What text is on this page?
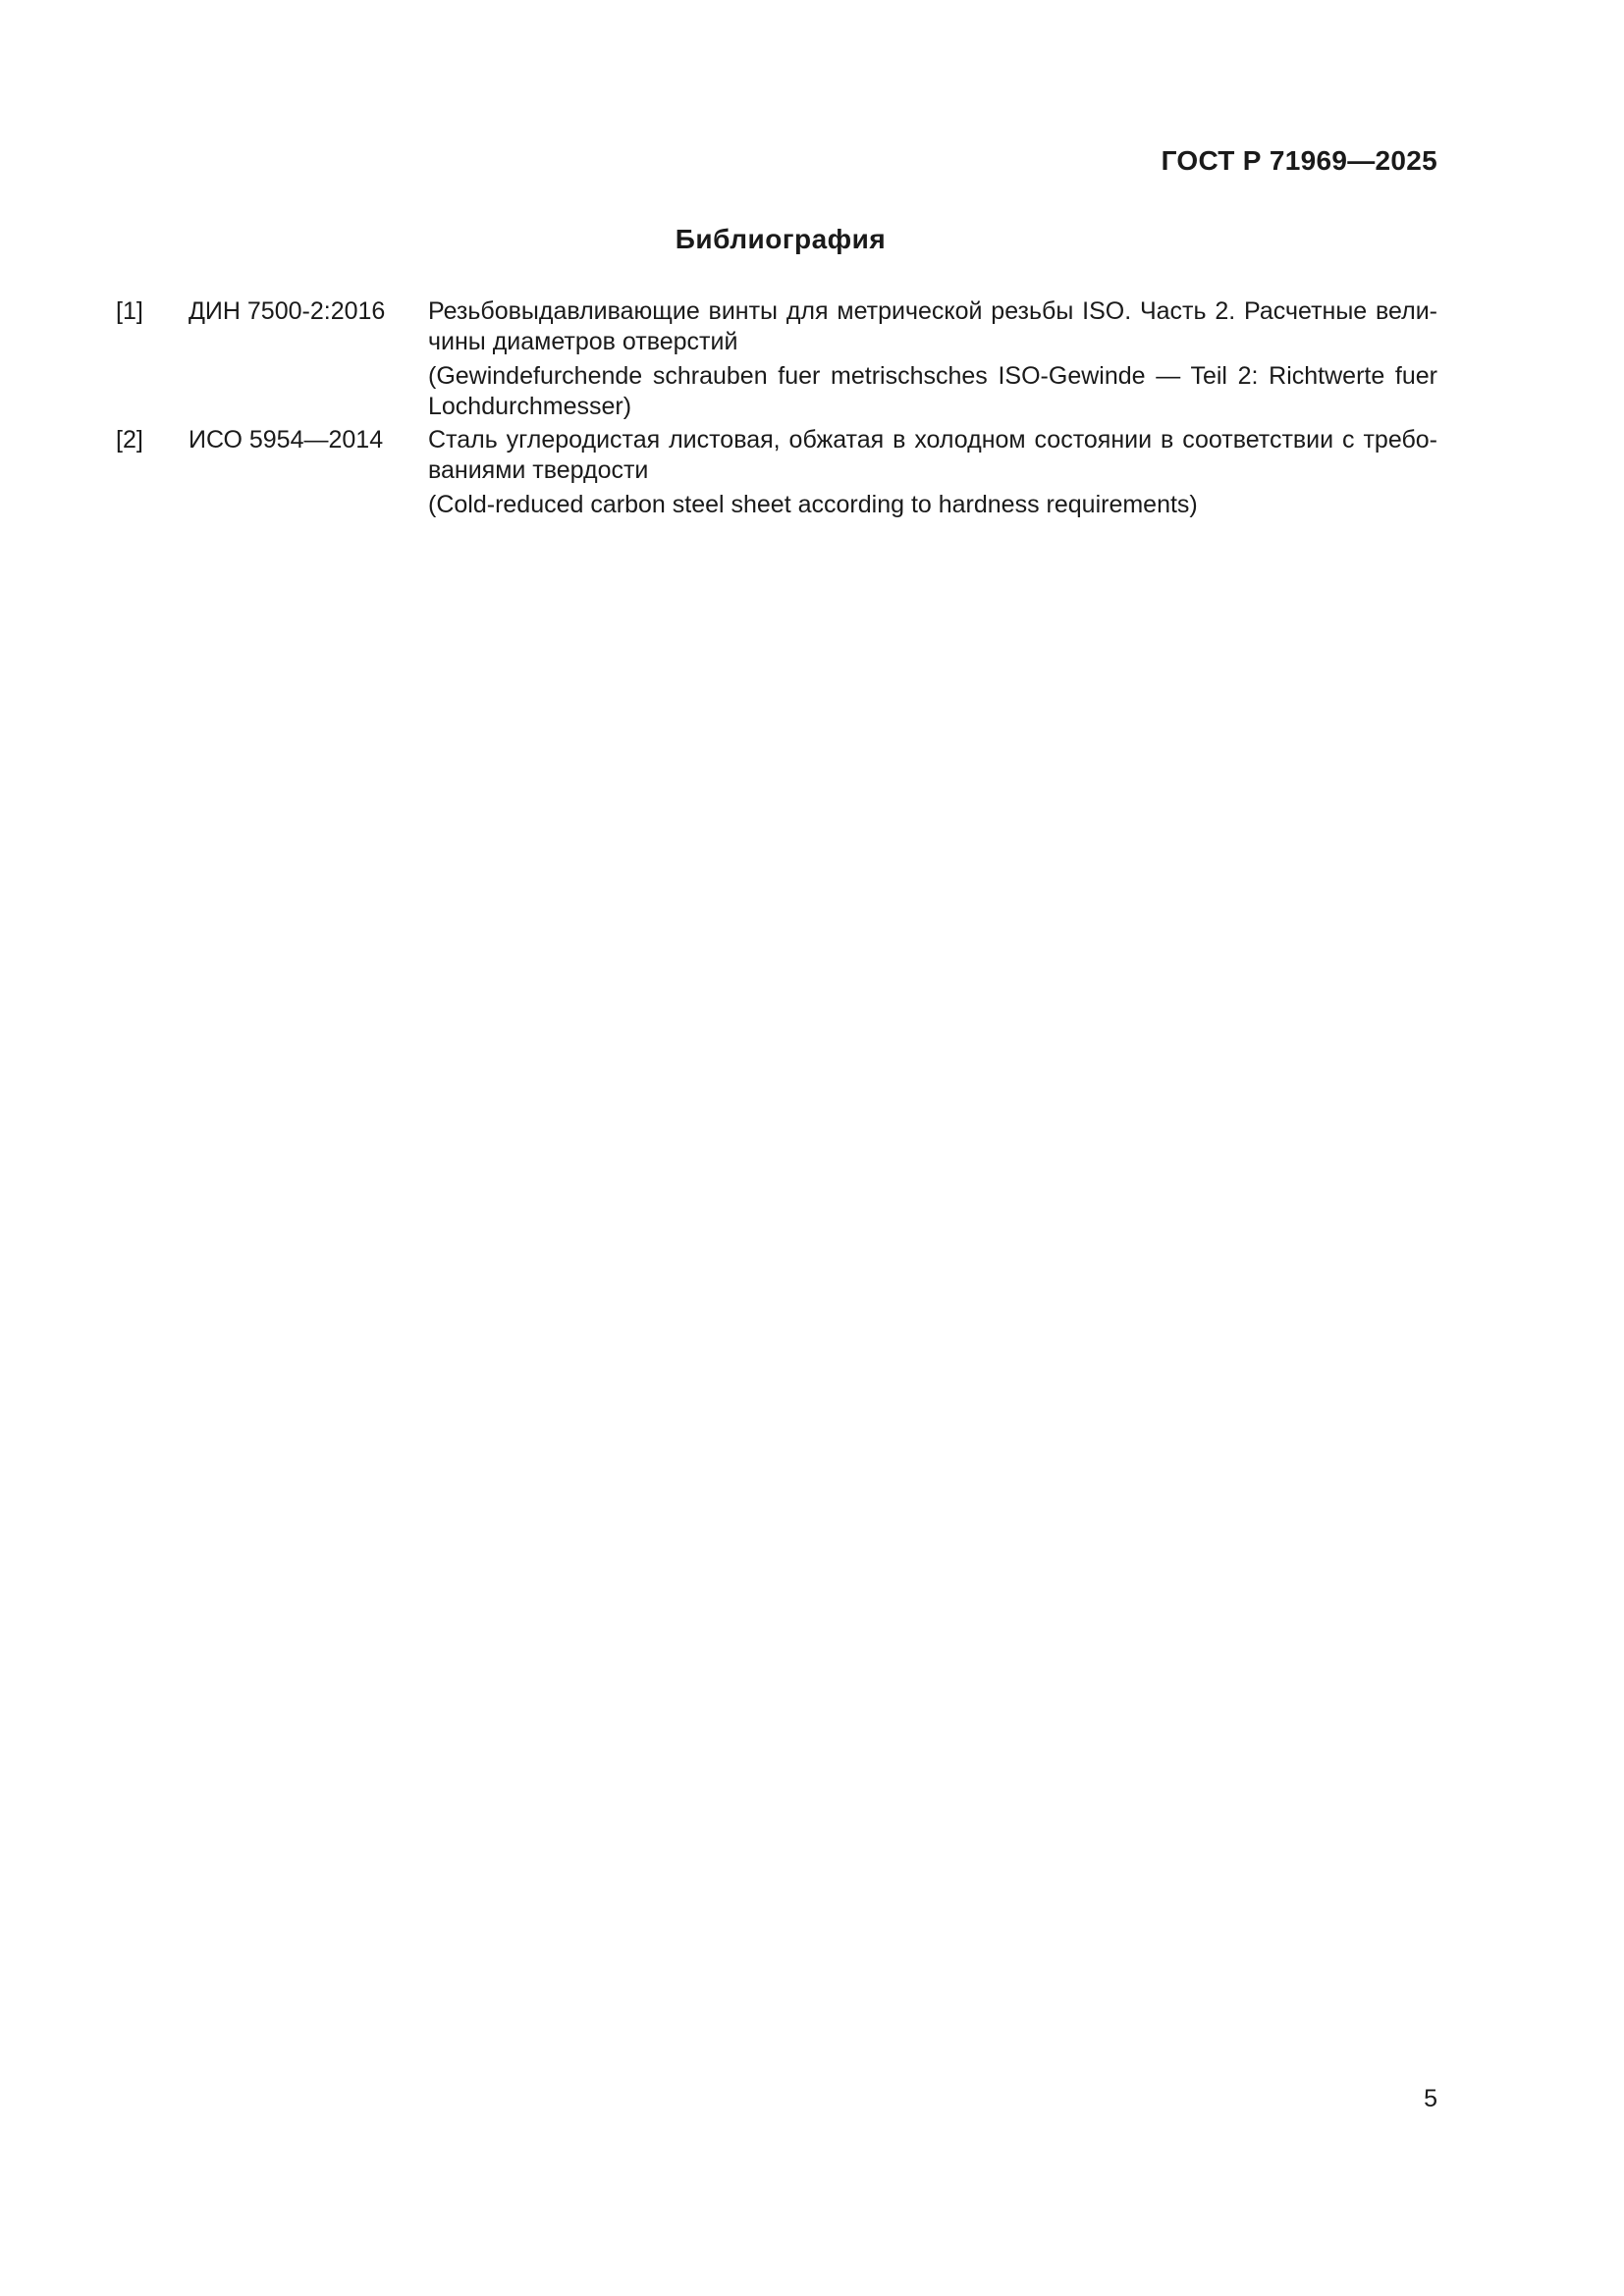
ГОСТ Р 71969—2025
Библиография
[1]	ДИН 7500-2:2016	Резьбовыдавливающие винты для метрической резьбы ISO. Часть 2. Расчетные величины диаметров отверстий
(Gewindefurchende schrauben fuer metrischsches ISO-Gewinde — Teil 2: Richtwerte fuer Lochdurchmesser)
[2]	ИСО 5954—2014	Сталь углеродистая листовая, обжатая в холодном состоянии в соответствии с требованиями твердости
(Cold-reduced carbon steel sheet according to hardness requirements)
5
